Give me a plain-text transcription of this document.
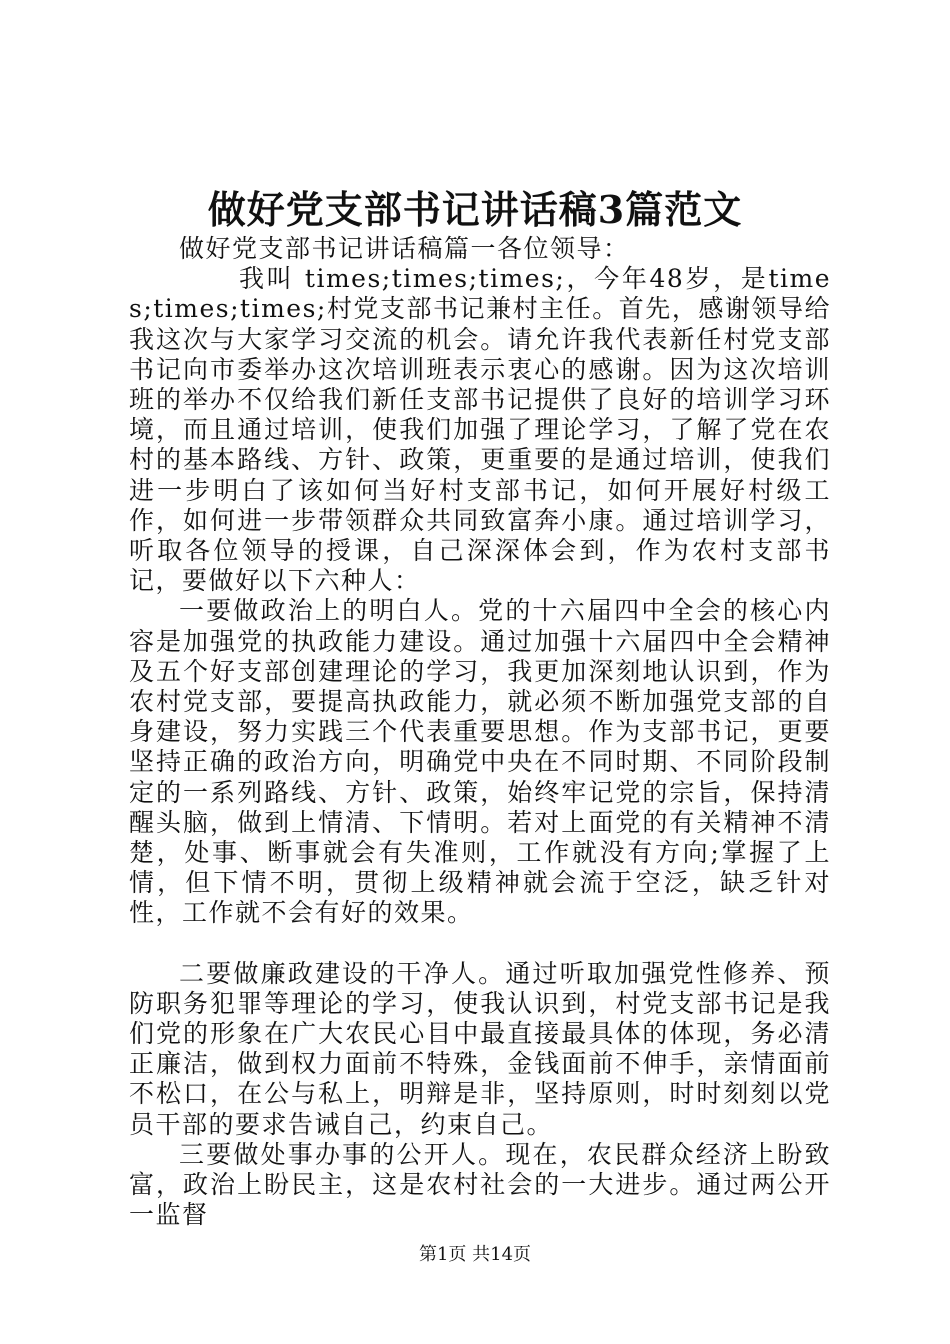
做好党支部书记讲话稿3篇范文

做好党支部书记讲话稿篇一各位领导：

我叫 times;times;times;，今年48岁，是times;times;times;村党支部书记兼村主任。首先，感谢领导给我这次与大家学习交流的机会。请允许我代表新任村党支部书记向市委举办这次培训班表示衷心的感谢。因为这次培训班的举办不仅给我们新任支部书记提供了良好的培训学习环境，而且通过培训，使我们加强了理论学习，了解了党在农村的基本路线、方针、政策，更重要的是通过培训，使我们进一步明白了该如何当好村支部书记，如何开展好村级工作，如何进一步带领群众共同致富奔小康。通过培训学习，听取各位领导的授课，自己深深体会到，作为农村支部书记，要做好以下六种人：

一要做政治上的明白人。党的十六届四中全会的核心内容是加强党的执政能力建设。通过加强十六届四中全会精神及五个好支部创建理论的学习，我更加深刻地认识到，作为农村党支部，要提高执政能力，就必须不断加强党支部的自身建设，努力实践三个代表重要思想。作为支部书记，更要坚持正确的政治方向，明确党中央在不同时期、不同阶段制定的一系列路线、方针、政策，始终牢记党的宗旨，保持清醒头脑，做到上情清、下情明。若对上面党的有关精神不清楚，处事、断事就会有失准则，工作就没有方向;掌握了上情，但下情不明，贯彻上级精神就会流于空泛，缺乏针对性，工作就不会有好的效果。

二要做廉政建设的干净人。通过听取加强党性修养、预防职务犯罪等理论的学习，使我认识到，村党支部书记是我们党的形象在广大农民心目中最直接最具体的体现，务必清正廉洁，做到权力面前不特殊，金钱面前不伸手，亲情面前不松口，在公与私上，明辩是非，坚持原则，时时刻刻以党员干部的要求告诫自己，约束自己。

三要做处事办事的公开人。现在，农民群众经济上盼致富，政治上盼民主，这是农村社会的一大进步。通过两公开一监督

第1页 共14页
